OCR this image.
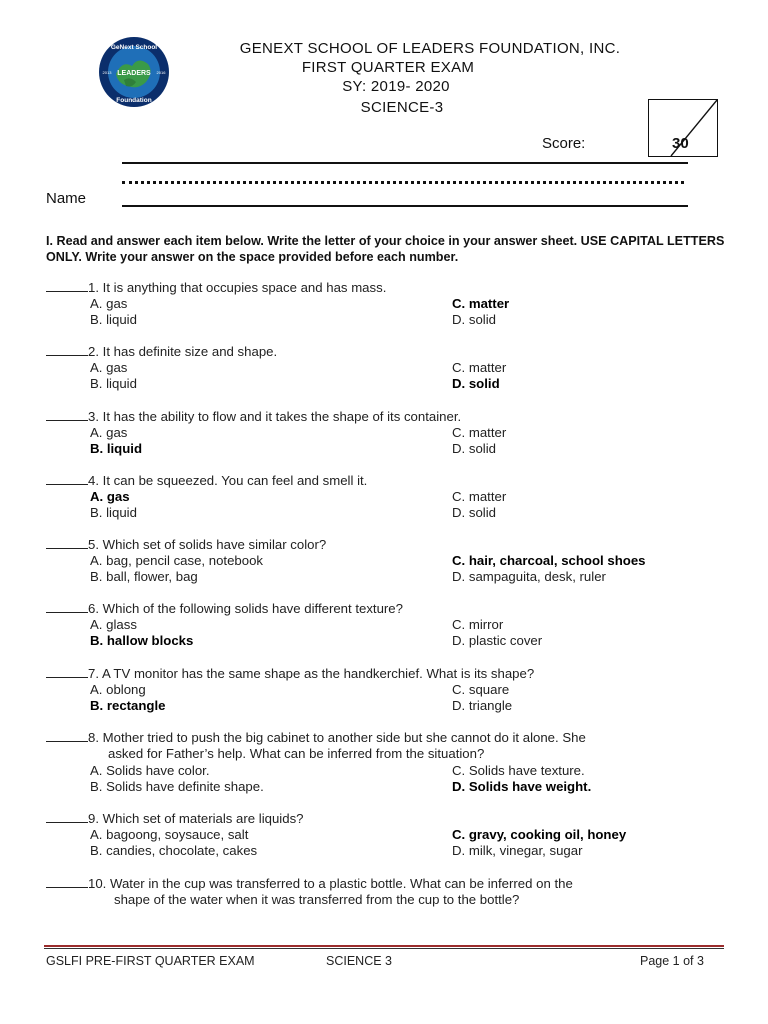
GeNext School
LEADERS
Foundation
2013	2016
GENEXT SCHOOL OF LEADERS FOUNDATION, INC.
FIRST QUARTER EXAM
SY: 2019- 2020
SCIENCE-3
Score:	30
Name
I. Read and answer each item below. Write the letter of your choice in your answer sheet. USE CAPITAL LETTERS ONLY. Write your answer on the space provided before each number.
1. It is anything that occupies space and has mass.
A. gas
B. liquid
C. matter
D. solid
2. It has definite size and shape.
A. gas
B. liquid
C. matter
D. solid
3. It has the ability to flow and it takes the shape of its container.
A. gas
B. liquid
C. matter
D. solid
4. It can be squeezed. You can feel and smell it.
A. gas
B. liquid
C. matter
D. solid
5. Which set of solids have similar color?
A. bag, pencil case, notebook
B. ball, flower, bag
C. hair, charcoal, school shoes
D. sampaguita, desk, ruler
6. Which of the following solids have different texture?
A. glass
B. hallow blocks
C. mirror
D. plastic cover
7. A TV monitor has the same shape as the handkerchief. What is its shape?
A. oblong
B. rectangle
C. square
D. triangle
8. Mother tried to push the big cabinet to another side but she cannot do it alone. She
asked for Father’s help. What can be inferred from the situation?
A. Solids have color.
B. Solids have definite shape.
C. Solids have texture.
D. Solids have weight.
9. Which set of materials are liquids?
A. bagoong, soysauce, salt
B. candies, chocolate, cakes
C. gravy, cooking oil, honey
D. milk, vinegar, sugar
10. Water in the cup was transferred to a plastic bottle. What can be inferred on the
shape of the water when it was transferred from the cup to the bottle?
GSLFI PRE-FIRST QUARTER EXAM	SCIENCE 3	Page 1 of 3
